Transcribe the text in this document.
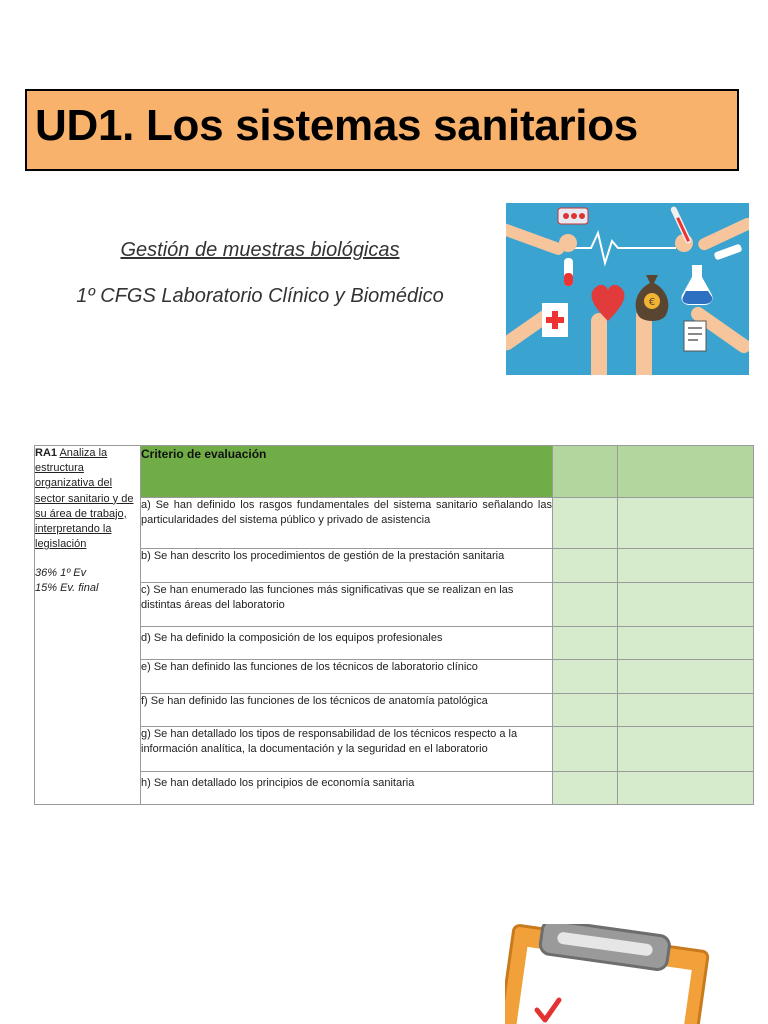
UD1. Los sistemas sanitarios
Gestión de muestras biológicas
1º CFGS Laboratorio Clínico y Biomédico	€
RA1 Analiza la estructura organizativa del sector sanitario y de su área de trabajo, interpretando la legislación
36% 1º Ev
15% Ev. final	Criterio de evaluación		
	a) Se han definido los rasgos fundamentales del sistema sanitario señalando las particularidades del sistema público y privado de asistencia		
	b) Se han descrito los procedimientos de gestión de la prestación sanitaria		
	c) Se han enumerado las funciones más significativas que se realizan en las distintas áreas del laboratorio		
	d) Se ha definido la composición de los equipos profesionales		
	e) Se han definido las funciones de los técnicos de laboratorio clínico		
	f) Se han definido las funciones de los técnicos de anatomía patológica		
	g) Se han detallado los tipos de responsabilidad de los técnicos respecto a la información analítica, la documentación y la seguridad en el laboratorio		
	h) Se han detallado los principios de economía sanitaria		
